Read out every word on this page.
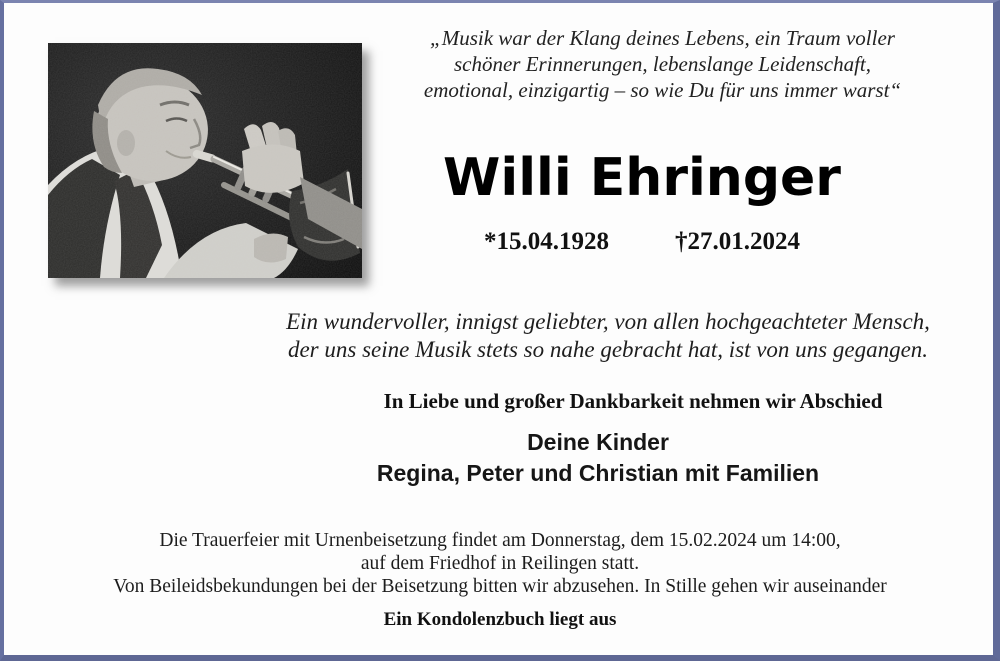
„Musik war der Klang deines Lebens, ein Traum voller
schöner Erinnerungen, lebenslange Leidenschaft,
emotional, einzigartig – so wie Du für uns immer warst“
Willi Ehringer
*15.04.1928	†27.01.2024
Ein wundervoller, innigst geliebter, von allen hochgeachteter Mensch,
der uns seine Musik stets so nahe gebracht hat, ist von uns gegangen.
In Liebe und großer Dankbarkeit nehmen wir Abschied
Deine Kinder
Regina, Peter und Christian mit Familien
Die Trauerfeier mit Urnenbeisetzung findet am Donnerstag, dem 15.02.2024 um 14:00,
auf dem Friedhof in Reilingen statt.
Von Beileidsbekundungen bei der Beisetzung bitten wir abzusehen. In Stille gehen wir auseinander
Ein Kondolenzbuch liegt aus
